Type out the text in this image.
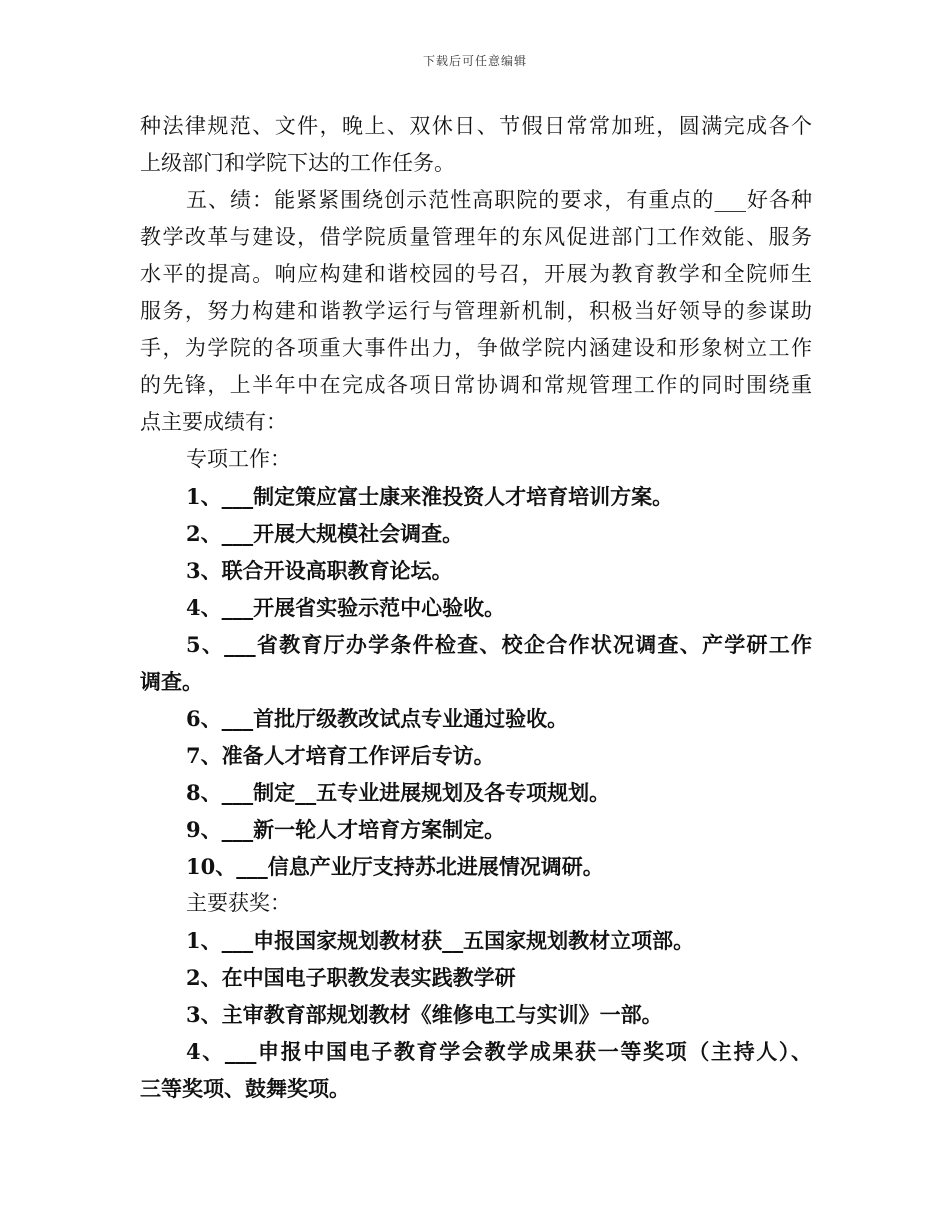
下载后可任意编辑
种法律规范、文件，晚上、双休日、节假日常常加班，圆满完成各个
上级部门和学院下达的工作任务。
五、绩：能紧紧围绕创示范性高职院的要求，有重点的___好各种
教学改革与建设，借学院质量管理年的东风促进部门工作效能、服务
水平的提高。响应构建和谐校园的号召，开展为教育教学和全院师生
服务，努力构建和谐教学运行与管理新机制，积极当好领导的参谋助
手，为学院的各项重大事件出力，争做学院内涵建设和形象树立工作
的先锋，上半年中在完成各项日常协调和常规管理工作的同时围绕重
点主要成绩有：
专项工作：
1、___制定策应富士康来淮投资人才培育培训方案。
2、___开展大规模社会调查。
3、联合开设高职教育论坛。
4、___开展省实验示范中心验收。
5、___省教育厅办学条件检查、校企合作状况调查、产学研工作
调查。
6、___首批厅级教改试点专业通过验收。
7、准备人才培育工作评后专访。
8、___制定__五专业进展规划及各专项规划。
9、___新一轮人才培育方案制定。
10、___信息产业厅支持苏北进展情况调研。
主要获奖：
1、___申报国家规划教材获__五国家规划教材立项部。
2、在中国电子职教发表实践教学研
3、主审教育部规划教材《维修电工与实训》一部。
4、___申报中国电子教育学会教学成果获一等奖项（主持人）、
三等奖项、鼓舞奖项。
